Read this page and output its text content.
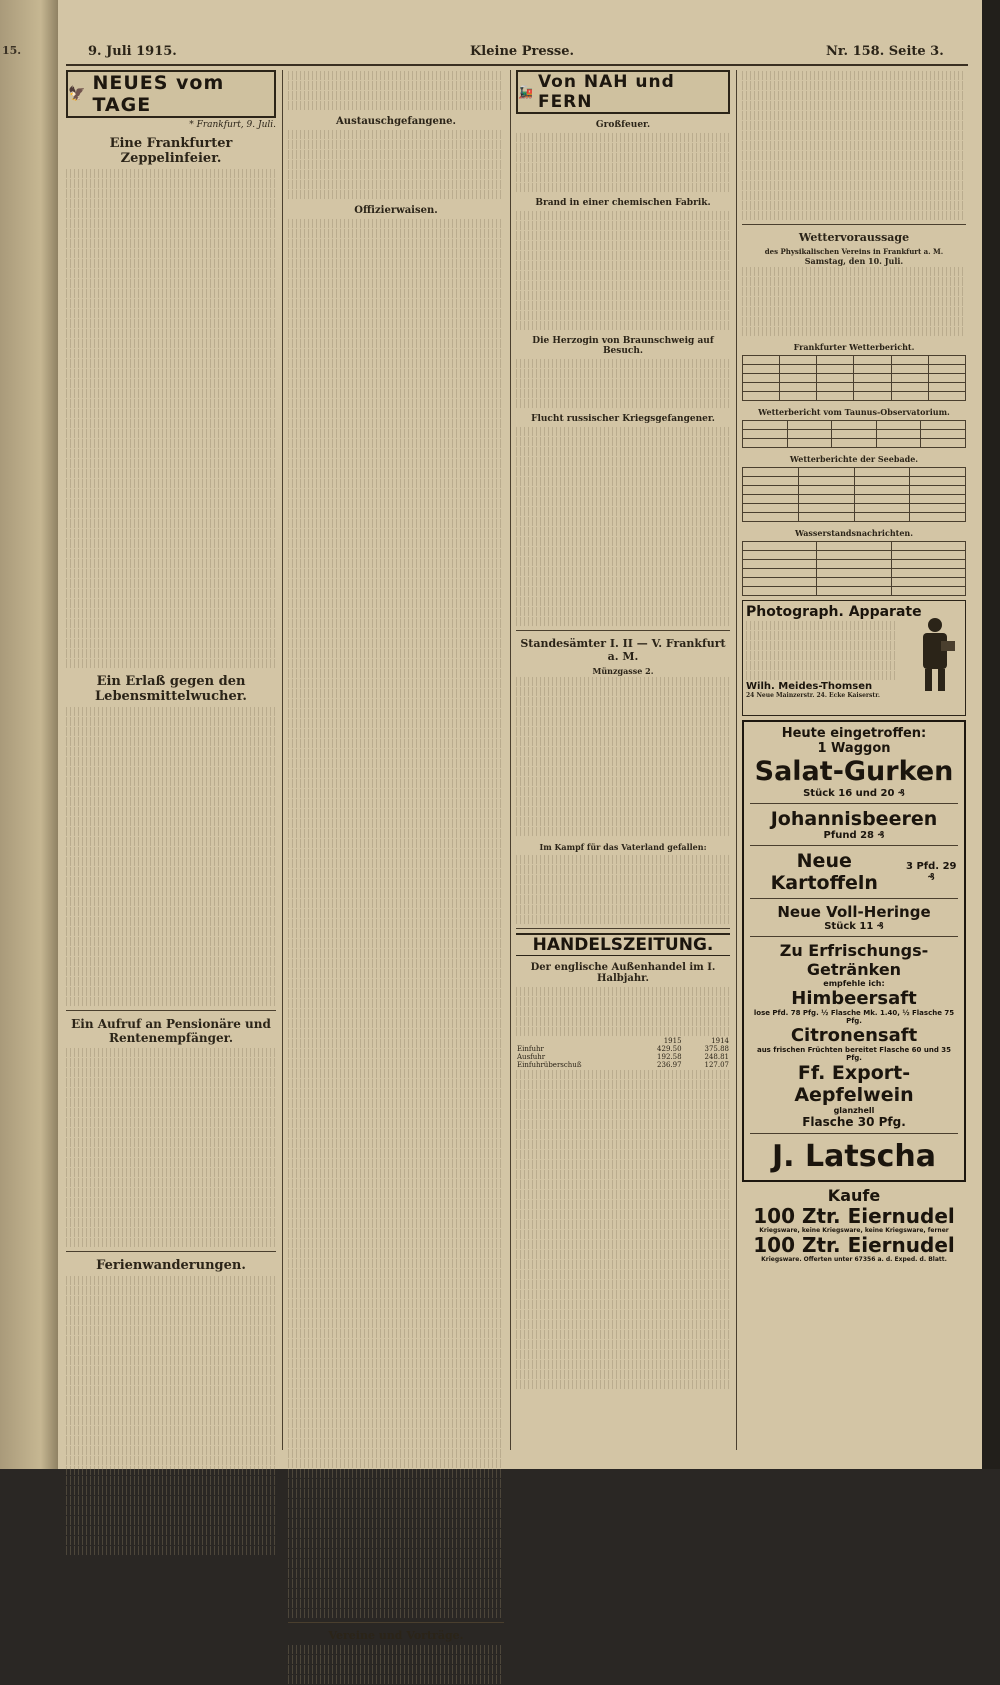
15.	9. Juli 1915.	Kleine Presse.	Nr. 158. Seite 3.
🦅 NEUES vom TAGE
* Frankfurt, 9. Juli.
Eine Frankfurter Zeppelinfeier.
Ein Erlaß gegen den Lebensmittelwucher.
Ein Aufruf an Pensionäre und Rentenempfänger.
Ferienwanderungen.
Austauschgefangene.
Offizierwaisen.
Vereine und Vorträge.
🚂 Von NAH und FERN
Großfeuer.
Brand in einer chemischen Fabrik.
Die Herzogin von Braunschweig auf Besuch.
Flucht russischer Kriegsgefangener.
Standesämter I. II — V. Frankfurt a. M.
Münzgasse 2.
Im Kampf für das Vaterland gefallen:
HANDELSZEITUNG.
Der englische Außenhandel im I. Halbjahr.
	1915	1914
Einfuhr	429.50	375.88
Ausfuhr	192.58	248.81
Einfuhrüberschuß	236.97	127.07
Wettervoraussage
des Physikalischen Vereins in Frankfurt a. M.
Samstag, den 10. Juli.
Frankfurter Wetterbericht.

Wetterbericht vom Taunus-Observatorium.

Wetterberichte der Seebade.

Wasserstandsnachrichten.

Photograph. Apparate
Wilh. Meides-Thomsen
24 Neue Mainzerstr. 24. Ecke Kaiserstr.
Heute eingetroffen:
1 Waggon
Salat-Gurken
Stück 16 und 20 ₰
Johannisbeeren
Pfund 28 ₰
Neue Kartoffeln
3 Pfd. 29 ₰
Neue Voll-Heringe
Stück 11 ₰
Zu Erfrischungs-Getränken
empfehle ich:
Himbeersaft
lose Pfd. 78 Pfg. ½ Flasche Mk. 1.40, ½ Flasche 75 Pfg.
Citronensaft
aus frischen Früchten bereitet Flasche 60 und 35 Pfg.
Ff. Export-Aepfelwein
glanzhell
Flasche 30 Pfg.
J. Latscha
Kaufe
100 Ztr. Eiernudel
Kriegsware, keine Kriegsware, keine Kriegsware, ferner
100 Ztr. Eiernudel
Kriegsware. Offerten unter 67356 a. d. Exped. d. Blatt.
